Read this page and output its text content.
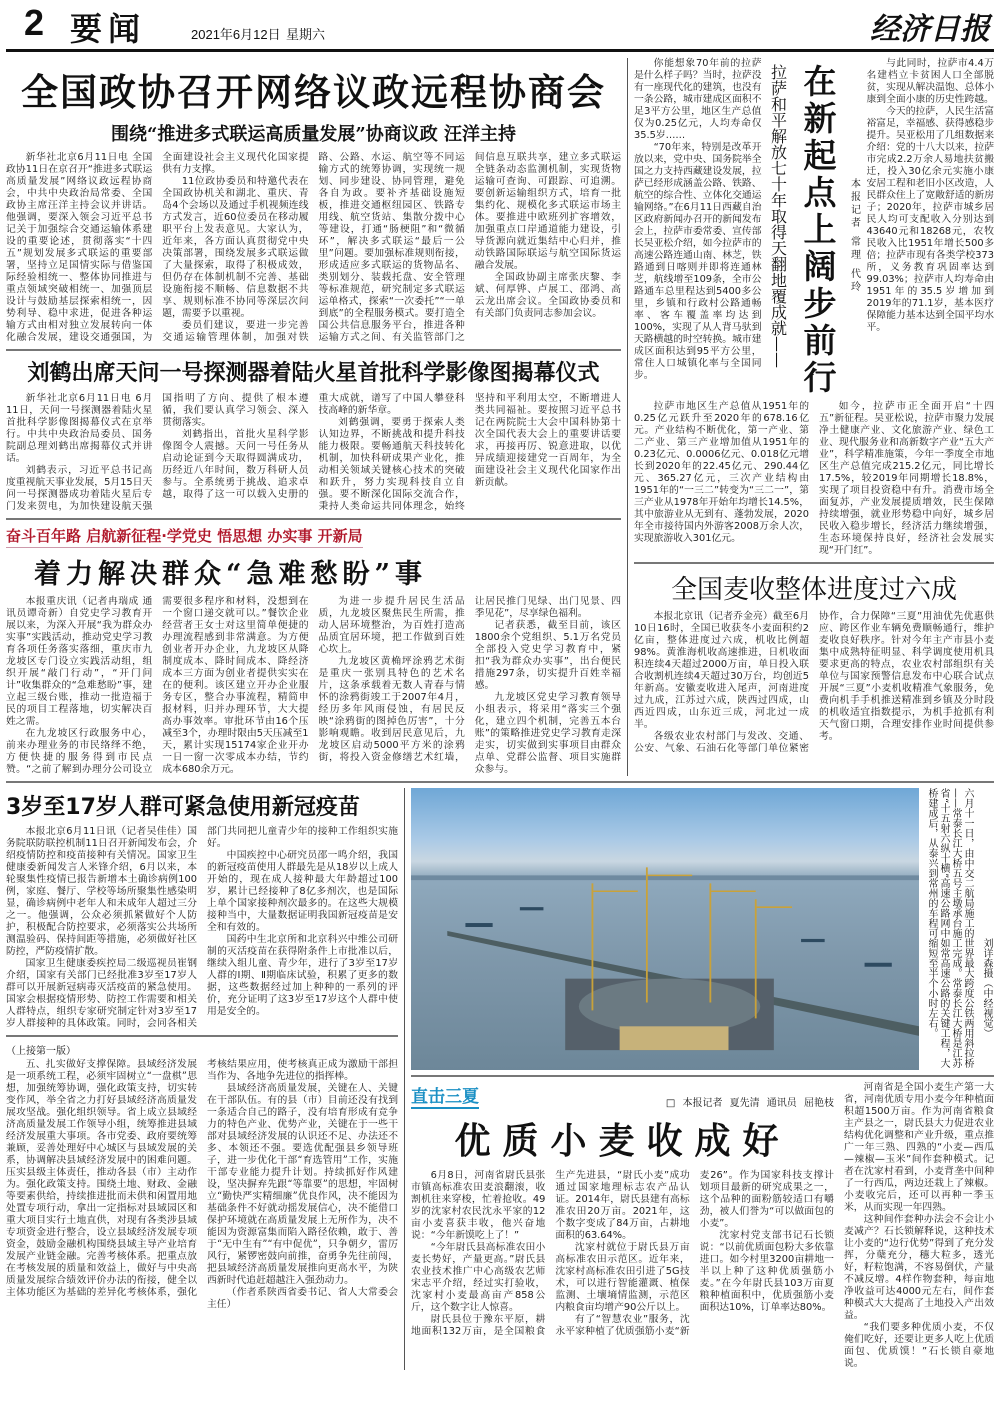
2 要闻	2021年6月12日 星期六	经济日报
全国政协召开网络议政远程协商会
围绕“推进多式联运高质量发展”协商议政 汪洋主持

新华社北京6月11日电 全国政协11日在京召开“推进多式联运高质量发展”网络议政远程协商会，中共中央政治局常委、全国政协主席汪洋主持会议并讲话。他强调，要深入领会习近平总书记关于加强综合交通运输体系建设的重要论述，贯彻落实“十四五”规划发展多式联运的重要部署，坚持立足国情实际与借鉴国际经验相统一、整体协同推进与重点领域突破相统一、加强顶层设计与鼓励基层探索相统一，因势利导、稳中求进，促进各种运输方式由相对独立发展转向一体化融合发展，建设交通强国，为全面建设社会主义现代化国家提供有力支撑。

11位政协委员和特邀代表在全国政协机关和湖北、重庆、青岛4个会场以及通过手机视频连线方式发言，近60位委员在移动履职平台上发表意见。大家认为，近年来，各方面认真贯彻党中央决策部署，围绕发展多式联运做了大量探索，取得了积极成效，但仍存在体制机制不完善、基础设施衔接不顺畅、信息数据不共享、规则标准不协同等深层次问题，需要予以重视。

委员们建议，要进一步完善交通运输管理体制，加强对铁路、公路、水运、航空等不同运输方式的统筹协调，实现统一规划、同步建设、协同管理，避免各自为政。要补齐基础设施短板，推进交通枢纽园区、铁路专用线、航空货站、集散分拨中心等建设，打通“肠梗阻”和“微循环”，解决多式联运“最后一公里”问题。要加强标准规则衔接，形成适应多式联运的货物品名、类别划分、装载托盘、安全管理等标准规范，研究制定多式联运运单格式，探索“一次委托”“一单到底”的全程服务模式。要打造全国公共信息服务平台，推进各种运输方式之间、有关监管部门之间信息互联共享，建立多式联运全链条动态监测机制，实现货物运输可查询、可跟踪、可追溯。要创新运输组织方式，培育一批集约化、规模化多式联运市场主体。要推进中欧班列扩容增效，加强重点口岸通道能力建设，引导货源向就近集结中心归并，推动铁路国际联运与航空国际货运融合发展。

全国政协副主席张庆黎、李斌、何厚铧、卢展工、邵鸿、高云龙出席会议。全国政协委员和有关部门负责同志参加会议。

刘鹤出席天问一号探测器着陆火星首批科学影像图揭幕仪式

新华社北京6月11日电 6月11日，天问一号探测器着陆火星首批科学影像图揭幕仪式在京举行。中共中央政治局委员、国务院副总理刘鹤出席揭幕仪式并讲话。

刘鹤表示，习近平总书记高度重视航天事业发展，5月15日天问一号探测器成功着陆火星后专门发来贺电，为加快建设航天强国指明了方向、提供了根本遵循，我们要认真学习领会、深入贯彻落实。

刘鹤指出，首批火星科学影像图令人震撼。天问一号任务从启动论证到今天取得圆满成功，历经近八年时间，数万科研人员参与。全系统勇于挑战、追求卓越，取得了这一可以载入史册的重大成就，谱写了中国人攀登科技高峰的新华章。

刘鹤强调，要勇于探索人类认知边界，不断挑战和提升科技能力极限。要畅通航天科技转化机制，加快科研成果产业化，推动相关领域关键核心技术的突破和跃升，努力实现科技自立自强。要不断深化国际交流合作，秉持人类命运共同体理念，始终坚持和平利用太空，不断增进人类共同福祉。要按照习近平总书记在两院院士大会中国科协第十次全国代表大会上的重要讲话要求，再接再厉、锐意进取，以优异成绩迎接建党一百周年，为全面建设社会主义现代化国家作出新贡献。

奋斗百年路 启航新征程·学党史 悟思想 办实事 开新局
着力解决群众“急难愁盼”事

本报重庆讯（记者冉瑞成 通讯员谭奇新）自党史学习教育开展以来，为深入开展“我为群众办实事”实践活动，推动党史学习教育各项任务落实落细，重庆市九龙坡区专门设立实践活动组，组织开展“敲门行动”，“开门问计”收集群众的“急难愁盼”事，建立起三级台账，推动一批造福于民的项目工程落地，切实解决百姓之需。

在九龙坡区行政服务中心，前来办理业务的市民络绎不绝，方便快捷的服务得到市民点赞。“之前了解到办理分公司设立需要很多程序和材料，没想到在一个窗口递交就可以。”餐饮企业经营者王女士对这里简单便捷的办理流程感到非常满意。为方便创业者开办企业，九龙坡区从降制度成本、降时间成本、降经济成本三方面为创业者提供实实在在的便利。该区建立开办企业服务专区，整合办事流程，精简申报材料，归并办理环节，大大提高办事效率。审批环节由16个压减至3个，办理时限由5天压减至1天，累计实现15174家企业开办一日一窗一次零成本办结，节约成本680余万元。

为进一步提升居民生活品质，九龙坡区聚焦民生所需，推动人居环境整治，为百姓打造高品质宜居环境，把工作做到百姓心坎上。

九龙坡区黄桷坪涂鸦艺术街是重庆一张别具特色的艺术名片，这条承载着无数人青春与情怀的涂鸦街竣工于2007年4月，经历多年风雨侵蚀，有居民反映“涂鸦街的图掉色厉害”，十分影响观瞻。收到居民意见后，九龙坡区启动5000平方米的涂鸦街，将投入资金修缮艺术红墙，让居民推门见绿、出门见景、四季见花”，尽享绿色福利。

记者获悉，截至目前，该区1800余个党组织、5.1万名党员全部投入党史学习教育中，紧扣“我为群众办实事”，出台便民措施297条，切实提升百姓幸福感。

九龙坡区党史学习教育领导小组表示，将采用“落实三个强化，建立四个机制，完善五本台账”的策略推进党史学习教育走深走实，切实做到实事项目由群众点单、党群公监督、项目实施群众参与。

你能想象70年前的拉萨是什么样子吗？当时，拉萨没有一座现代化的建筑，也没有一条公路，城市建成区面积不足3平方公里，地区生产总值仅为0.25亿元，人均寿命仅35.5岁……

“70年来，特别是改革开放以来，党中央、国务院举全国之力支持西藏建设发展，拉萨已经形成涵盖公路、铁路、航空的综合性、立体化交通运输网络。”在6月11日西藏自治区政府新闻办召开的新闻发布会上，拉萨市委常委、宣传部长吴亚松介绍，如今拉萨市的高速公路连通山南、林芝，铁路通到日喀则并即将连通林芝，航线增至109条，全市公路通车总里程达到5400多公里，乡镇和行政村公路通畅率、客车覆盖率均达到100%，实现了从人背马驮到天路横越的时空转换。城市建成区面积达到95平方公里，常住人口城镇化率与全国同步。

拉萨和平解放七十年取得天翻地覆成就—— 在新起点上阔步前行	本报记者 常理 代玲

与此同时，拉萨市4.4万名建档立卡贫困人口全部脱贫，实现从解决温饱、总体小康到全面小康的历史性跨越。

今天的拉萨，人民生活富裕富足，幸福感、获得感稳步提升。吴亚松用了几组数据来介绍：党的十八大以来，拉萨市完成2.2万余人易地扶贫搬迁，投入30亿余元实施小康安居工程和老旧小区改造，人民群众住上了宽敞舒适的新房子；2020年，拉萨市城乡居民人均可支配收入分别达到43640元和18268元，农牧民收入比1951年增长500多倍；拉萨市现有各类学校373所，义务教育巩固率达到99.03%；拉萨市人均寿命由1951年的35.5岁增加到2019年的71.1岁，基本医疗保障能力基本达到全国平均水平。

拉萨市地区生产总值从1951年的0.25亿元跃升至2020年的678.16亿元。产业结构不断优化，第一产业、第二产业、第三产业增加值从1951年的0.23亿元、0.0006亿元、0.018亿元增长到2020年的22.45亿元、290.44亿元、365.27亿元，三次产业结构由1951年的“一三二”转变为“三二一”，第三产业从1978年开始年均增长14.5%，其中旅游业从无到有、蓬勃发展，2020年全市接待国内外游客2008万余人次，实现旅游收入301亿元。

如今，拉萨市正全面开启“十四五”新征程。吴亚松说，拉萨市聚力发展净土健康产业、文化旅游产业、绿色工业、现代服务业和高新数字产业“五大产业”，科学精准施策，今年一季度全市地区生产总值完成215.2亿元，同比增长17.5%，较2019年同期增长18.8%，实现了项目投资稳中有升。消费市场全面复苏，产业发展提质增效，民生保障持续增强，就业形势稳中向好，城乡居民收入稳步增长，经济活力继续增强，生态环境保持良好，经济社会发展实现“开门红”。

全国麦收整体进度过六成

本报北京讯（记者乔金亮）截至6月10日16时，全国已收获冬小麦面积约2亿亩，整体进度过六成，机收比例超98%。黄淮海机收高速推进，日机收面积连续4天超过2000万亩，单日投入联合收割机连续4天超过30万台，均创近5年新高。安徽麦收进入尾声，河南进度过九成，江苏过六成，陕西过四成，山西近四成，山东近三成，河北过一成半。

各级农业农村部门与发改、交通、公安、气象、石油石化等部门单位紧密协作，合力保障“三夏”用油优先优惠供应、跨区作业车辆免费顺畅通行，维护麦收良好秩序。针对今年主产市县小麦集中成熟特征明显、科学调度使用机具要求更高的特点，农业农村部组织有关单位与国家预警信息发布中心联合试点开展“三夏”小麦机收精准气象服务，免费向机手手机推送精准到乡镇及分时段的机收适宜指数提示，为机手抢抓有利天气窗口期，合理安排作业时间提供参考。

3岁至17岁人群可紧急使用新冠疫苗

本报北京6月11日讯（记者吴佳佳）国务院联防联控机制11日召开新闻发布会，介绍疫情防控和疫苗接种有关情况。国家卫生健康委新闻发言人米锋介绍，6月以来，本轮聚集性疫情已报告新增本土确诊病例100例，家庭、餐厅、学校等场所聚集性感染明显，确诊病例中老年人和未成年人超过三分之一。他强调，公众必须抓紧做好个人防护，积极配合防控要求，必须落实公共场所测温验码、保持间距等措施，必须做好社区防控，严防疫情扩散。

国家卫生健康委疾控局二级巡视员崔钢介绍，国家有关部门已经批准3岁至17岁人群可以开展新冠病毒灭活疫苗的紧急使用。国家会根据疫情形势、防控工作需要和相关人群特点，组织专家研究制定针对3岁至17岁人群接种的具体政策。同时，会同各相关部门共同把儿童青少年的接种工作组织实施好。

中国疾控中心研究员邵一鸣介绍，我国的新冠疫苗使用人群最先是从18岁以上成人开始的，现在成人接种最大年龄超过100岁，累计已经接种了8亿多剂次，也是国际上单个国家接种剂次最多的。在这些大规模接种当中，大量数据证明我国新冠疫苗是安全和有效的。

国药中生北京所和北京科兴中维公司研制的灭活疫苗在获得附条件上市批准以后，继续入组儿童、青少年，进行了3岁至17岁人群的Ⅰ期、Ⅱ期临床试验，积累了更多的数据，这些数据经过加上种种的一系列的评价，充分证明了这3岁至17岁这个人群中使用是安全的。

（上接第一版）

五、扎实做好支撑保障。县域经济发展是一项系统工程，必须牢固树立“一盘棋”思想，加强统筹协调，强化政策支持，切实转变作风，举全省之力打好县域经济高质量发展攻坚战。强化组织领导。省上成立县域经济高质量发展工作领导小组，统筹推进县域经济发展重大事项。各市党委、政府要统筹兼顾，妥善处理好中心城区与县域发展的关系，协调解决县域经济发展中的困难问题。压实县级主体责任，推动各县（市）主动作为。强化政策支持。围绕土地、财政、金融等要素供给，持续推进批而未供和闲置用地处置专项行动，拿出一定指标对县域园区和重大项目实行土地直供，对现有各类涉县域专项资金进行整合，设立县域经济发展专项资金，鼓励金融机构围绕县域主导产业培育发展产业链金融。完善考核体系。把重点放在考核发展的质量和效益上，做好与中央高质量发展综合绩效评价办法的衔接，健全以主体功能区为基础的差异化考核体系，强化考核结果应用，使考核真正成为激励干部担当作为、各地争先进位的指挥棒。

县域经济高质量发展，关键在人、关键在干部队伍。有的县（市）目前还没有找到一条适合自己的路子，没有培育形成有竞争力的特色产业、优势产业，关键在于一些干部对县域经济发展的认识还不足、办法还不多、本领还不强。要选优配强县乡领导班子，进一步优化干部“育选管用”工作，实施干部专业能力提升计划。持续抓好作风建设，坚决摒弃先跟“等靠要”的思想，牢固树立“勤快严实精细廉”优良作风，决不能因为基础条件不好就动摇发展信心，决不能借口保护环境就在高质量发展上无所作为，决不能因为资源富集而陷入路径依赖，敢于、善于“无中生有”“有中促优”，只争朝夕，雷厉风行，紧锣密鼓向前推，奋勇争先往前闯，把县域经济高质量发展推向更高水平，为陕西新时代追赶超越注入强劲动力。

（作者系陕西省委书记、省人大常委会主任）

六月十一日，由中交二航局施工的世界最大跨度公铁两用斜拉桥——常泰长江大桥五号主墩承台施工完成。常泰长江大桥是江苏省“十五射六纵十横”高速公路网中如常高速公路的关键工程，大桥建成后，从泰兴到常州的车程可缩短至半个小时左右。	刘详森摄（中经视觉）
直击三夏	□ 本报记者 夏先清 通讯员 屈艳枝
优质小麦收成好

6月8日，河南省尉氏县张市镇高标准农田麦浪翻滚，收割机往来穿梭，忙着抢收。49岁的沈家村农民沈永平家的12亩小麦喜获丰收，他兴奋地说：“今年新馍吃上了！”

“今年尉氏县高标准农田小麦长势好，产量更高。”尉氏县农业技术推广中心高级农艺师宋志平介绍，经过实打验收，沈家村小麦最高亩产858公斤，这个数字让人惊喜。

尉氏县位于豫东平原，耕地面积132万亩，是全国粮食生产先进县，“尉氏小麦”成功通过国家地理标志农产品认证。2014年，尉氏县建有高标准农田20万亩。2021年，这个数字变成了84万亩，占耕地面积的63.64%。

沈家村就位于尉氏县万亩高标准农田示范区。近年来，沈家村高标准农田引进了5G技术，可以进行智能灌溉、植保监测、土壤墒情监测，示范区内粮食亩均增产90公斤以上。

有了“智慧农业”服务，沈永平家种植了优质强筋小麦“新麦26”。作为国家科技支撑计划项目最新的研究成果之一，这个品种的面粉筋较适口有嚼劲，被人们誉为“可以做面包的小麦”。

沈家村党支部书记石长锁说：“以前优质面包粉大多依靠进口。如今村里3200亩耕地一半以上种了这种优质强筋小麦。”在今年尉氏县103万亩夏粮种植面积中，优质强筋小麦面积达10%，订单率达80%。

河南省是全国小麦生产第一大省，河南优质专用小麦今年种植面积超1500万亩。作为河南省粮食主产县之一，尉氏县大力促进农业结构优化调整和产业升级，重点推广一年三熟、四熟的“小麦—西瓜—辣椒—玉米”间作套种模式。记者在沈家村看到，小麦背垄中间种了一行西瓜，两边还栽上了辣椒。小麦收完后，还可以再种一季玉米，从而实现一年四熟。

这种间作套种办法会不会让小麦减产？石长锁解释说，这种技术让小麦的“边行优势”得到了充分发挥，分蘖充分，穗大粒多，透光好，籽粒饱满，不容易倒伏，产量不减反增。4样作物套种，每亩地净收益可达4000元左右，间作套种模式大大提高了土地投入产出效益。

“我们要多种优质小麦，不仅俺们吃好，还要让更多人吃上优质面包、优质馍！”石长锁自豪地说。
